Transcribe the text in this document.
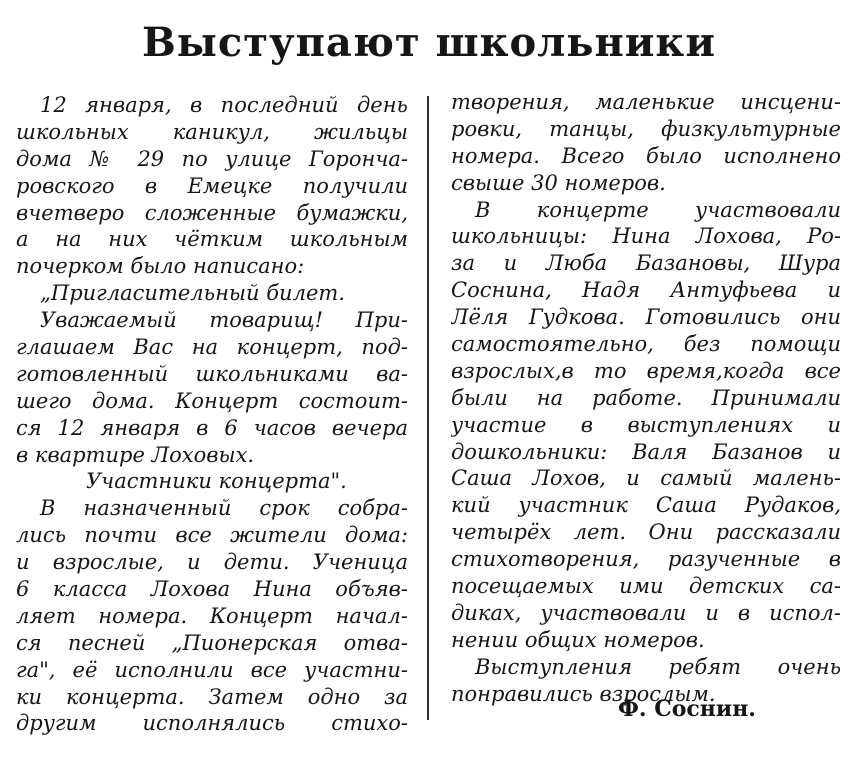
Выступают школьники
12 января, в последний день
школьных каникул, жильцы
дома № 29 по улице Горонча-
ровского в Емецке получили
вчетверо сложенные бумажки,
а на них чётким школьным
почерком было написано:
„Пригласительный билет.
Уважаемый товарищ! При-
глашаем Вас на концерт, под-
готовленный школьниками ва-
шего дома. Концерт состоит-
ся 12 января в 6 часов вечера
в квартире Лоховых.
Участники концерта".
В назначенный срок собра-
лись почти все жители дома:
и взрослые, и дети. Ученица
6 класса Лохова Нина объяв-
ляет номера. Концерт начал-
ся песней „Пионерская отва-
га", её исполнили все участни-
ки концерта. Затем одно за
другим исполнялись стихо-
творения, маленькие инсцени-
ровки, танцы, физкультурные
номера. Всего было исполнено
свыше 30 номеров.
В концерте участвовали
школьницы: Нина Лохова, Ро-
за и Люба Базановы, Шура
Соснина, Надя Антуфьева и
Лёля Гудкова. Готовились они
самостоятельно, без помощи
взрослых,в то время,когда все
были на работе. Принимали
участие в выступлениях и
дошкольники: Валя Базанов и
Саша Лохов, и самый малень-
кий участник Саша Рудаков,
четырёх лет. Они рассказали
стихотворения, разученные в
посещаемых ими детских са-
диках, участвовали и в испол-
нении общих номеров.
Выступления ребят очень
понравились взрослым.
Ф. Соснин.
